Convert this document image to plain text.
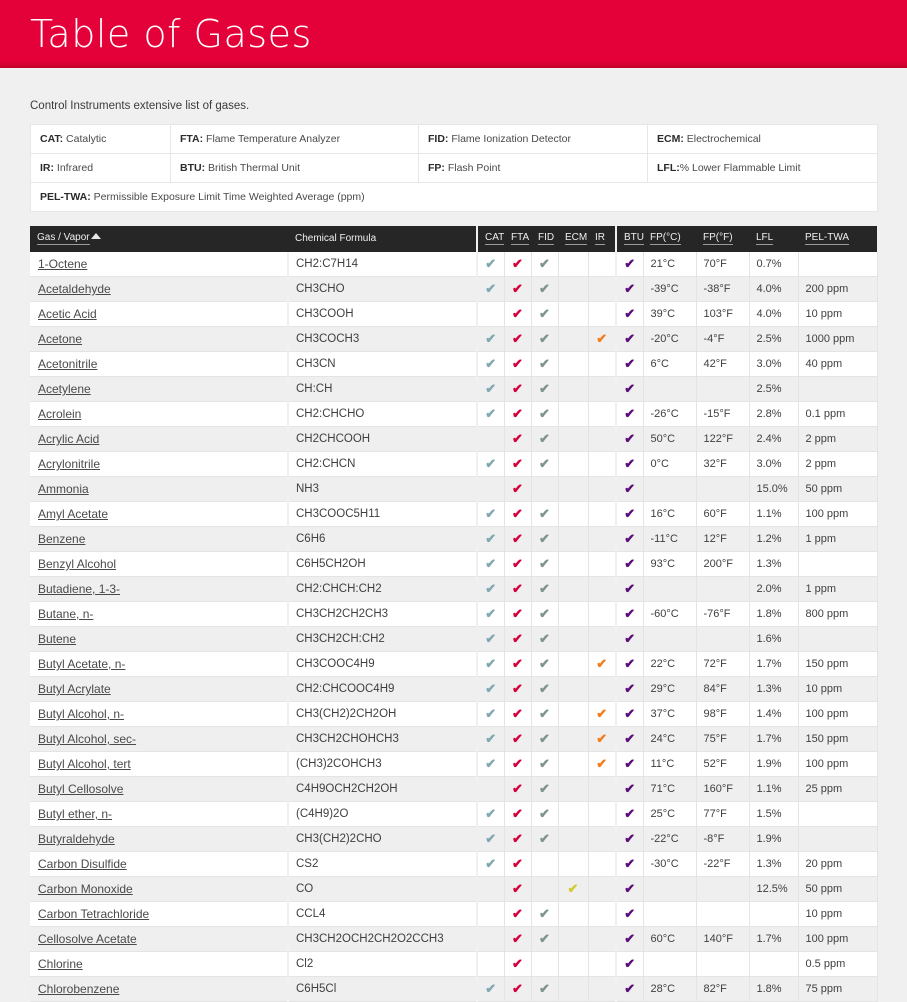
Table of Gases
Control Instruments extensive list of gases.
CAT: Catalytic	FTA: Flame Temperature Analyzer	FID: Flame Ionization Detector	ECM: Electrochemical
IR: Infrared	BTU: British Thermal Unit	FP: Flash Point	LFL:% Lower Flammable Limit
PEL-TWA: Permissible Exposure Limit Time Weighted Average (ppm)			
Gas / Vapor	Chemical Formula	CAT	FTA	FID	ECM	IR	BTU	FP(°C)	FP(°F)	LFL	PEL-TWA
1-Octene	CH2:C7H14	✔	✔	✔			✔	21°C	70°F	0.7%	
Acetaldehyde	CH3CHO	✔	✔	✔			✔	-39°C	-38°F	4.0%	200 ppm
Acetic Acid	CH3COOH		✔	✔			✔	39°C	103°F	4.0%	10 ppm
Acetone	CH3COCH3	✔	✔	✔		✔	✔	-20°C	-4°F	2.5%	1000 ppm
Acetonitrile	CH3CN	✔	✔	✔			✔	6°C	42°F	3.0%	40 ppm
Acetylene	CH:CH	✔	✔	✔			✔			2.5%	
Acrolein	CH2:CHCHO	✔	✔	✔			✔	-26°C	-15°F	2.8%	0.1 ppm
Acrylic Acid	CH2CHCOOH		✔	✔			✔	50°C	122°F	2.4%	2 ppm
Acrylonitrile	CH2:CHCN	✔	✔	✔			✔	0°C	32°F	3.0%	2 ppm
Ammonia	NH3		✔				✔			15.0%	50 ppm
Amyl Acetate	CH3COOC5H11	✔	✔	✔			✔	16°C	60°F	1.1%	100 ppm
Benzene	C6H6	✔	✔	✔			✔	-11°C	12°F	1.2%	1 ppm
Benzyl Alcohol	C6H5CH2OH	✔	✔	✔			✔	93°C	200°F	1.3%	
Butadiene, 1-3-	CH2:CHCH:CH2	✔	✔	✔			✔			2.0%	1 ppm
Butane, n-	CH3CH2CH2CH3	✔	✔	✔			✔	-60°C	-76°F	1.8%	800 ppm
Butene	CH3CH2CH:CH2	✔	✔	✔			✔			1.6%	
Butyl Acetate, n-	CH3COOC4H9	✔	✔	✔		✔	✔	22°C	72°F	1.7%	150 ppm
Butyl Acrylate	CH2:CHCOOC4H9	✔	✔	✔			✔	29°C	84°F	1.3%	10 ppm
Butyl Alcohol, n-	CH3(CH2)2CH2OH	✔	✔	✔		✔	✔	37°C	98°F	1.4%	100 ppm
Butyl Alcohol, sec-	CH3CH2CHOHCH3	✔	✔	✔		✔	✔	24°C	75°F	1.7%	150 ppm
Butyl Alcohol, tert	(CH3)2COHCH3	✔	✔	✔		✔	✔	11°C	52°F	1.9%	100 ppm
Butyl Cellosolve	C4H9OCH2CH2OH		✔	✔			✔	71°C	160°F	1.1%	25 ppm
Butyl ether, n-	(C4H9)2O	✔	✔	✔			✔	25°C	77°F	1.5%	
Butyraldehyde	CH3(CH2)2CHO	✔	✔	✔			✔	-22°C	-8°F	1.9%	
Carbon Disulfide	CS2	✔	✔				✔	-30°C	-22°F	1.3%	20 ppm
Carbon Monoxide	CO		✔		✔		✔			12.5%	50 ppm
Carbon Tetrachloride	CCL4		✔	✔			✔				10 ppm
Cellosolve Acetate	CH3CH2OCH2CH2O2CCH3		✔	✔			✔	60°C	140°F	1.7%	100 ppm
Chlorine	Cl2		✔				✔				0.5 ppm
Chlorobenzene	C6H5Cl	✔	✔	✔			✔	28°C	82°F	1.8%	75 ppm
